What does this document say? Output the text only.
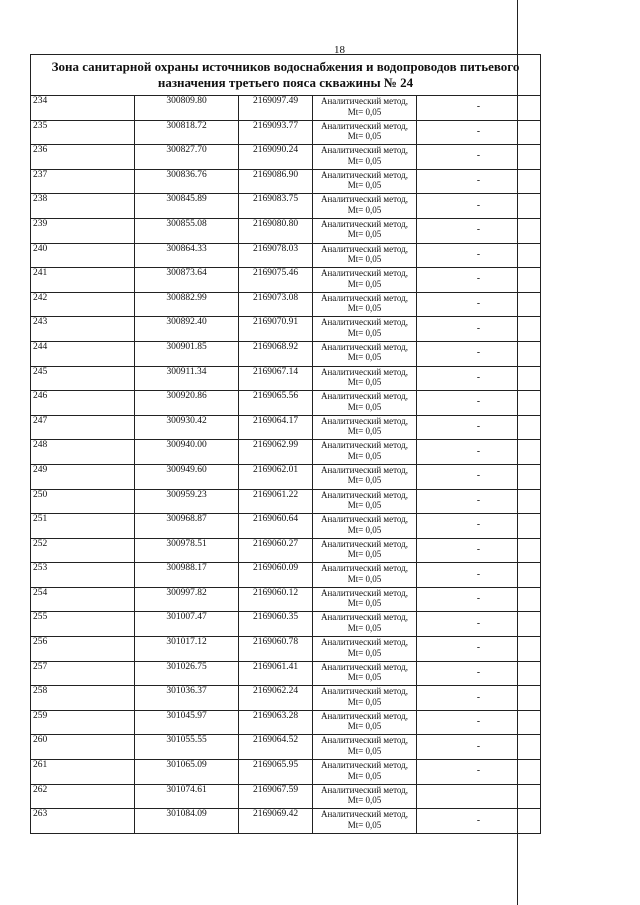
18
Зона санитарной охраны источников водоснабжения и водопроводов питьевого
назначения третьего пояса скважины № 24				

234	300809.80	2169097.49	Аналитический метод,
Mt= 0,05	-
235	300818.72	2169093.77	Аналитический метод,
Mt= 0,05	-
236	300827.70	2169090.24	Аналитический метод,
Mt= 0,05	-
237	300836.76	2169086.90	Аналитический метод,
Mt= 0,05	-
238	300845.89	2169083.75	Аналитический метод,
Mt= 0,05	-
239	300855.08	2169080.80	Аналитический метод,
Mt= 0,05	-
240	300864.33	2169078.03	Аналитический метод,
Mt= 0,05	-
241	300873.64	2169075.46	Аналитический метод,
Mt= 0,05	-
242	300882.99	2169073.08	Аналитический метод,
Mt= 0,05	-
243	300892.40	2169070.91	Аналитический метод,
Mt= 0,05	-
244	300901.85	2169068.92	Аналитический метод,
Mt= 0,05	-
245	300911.34	2169067.14	Аналитический метод,
Mt= 0,05	-
246	300920.86	2169065.56	Аналитический метод,
Mt= 0,05	-
247	300930.42	2169064.17	Аналитический метод,
Mt= 0,05	-
248	300940.00	2169062.99	Аналитический метод,
Mt= 0,05	-
249	300949.60	2169062.01	Аналитический метод,
Mt= 0,05	-
250	300959.23	2169061.22	Аналитический метод,
Mt= 0,05	-
251	300968.87	2169060.64	Аналитический метод,
Mt= 0,05	-
252	300978.51	2169060.27	Аналитический метод,
Mt= 0,05	-
253	300988.17	2169060.09	Аналитический метод,
Mt= 0,05	-
254	300997.82	2169060.12	Аналитический метод,
Mt= 0,05	-
255	301007.47	2169060.35	Аналитический метод,
Mt= 0,05	-
256	301017.12	2169060.78	Аналитический метод,
Mt= 0,05	-
257	301026.75	2169061.41	Аналитический метод,
Mt= 0,05	-
258	301036.37	2169062.24	Аналитический метод,
Mt= 0,05	-
259	301045.97	2169063.28	Аналитический метод,
Mt= 0,05	-
260	301055.55	2169064.52	Аналитический метод,
Mt= 0,05	-
261	301065.09	2169065.95	Аналитический метод,
Mt= 0,05	-
262	301074.61	2169067.59	Аналитический метод,
Mt= 0,05	

263	301084.09	2169069.42	Аналитический метод,
Mt= 0,05	-
